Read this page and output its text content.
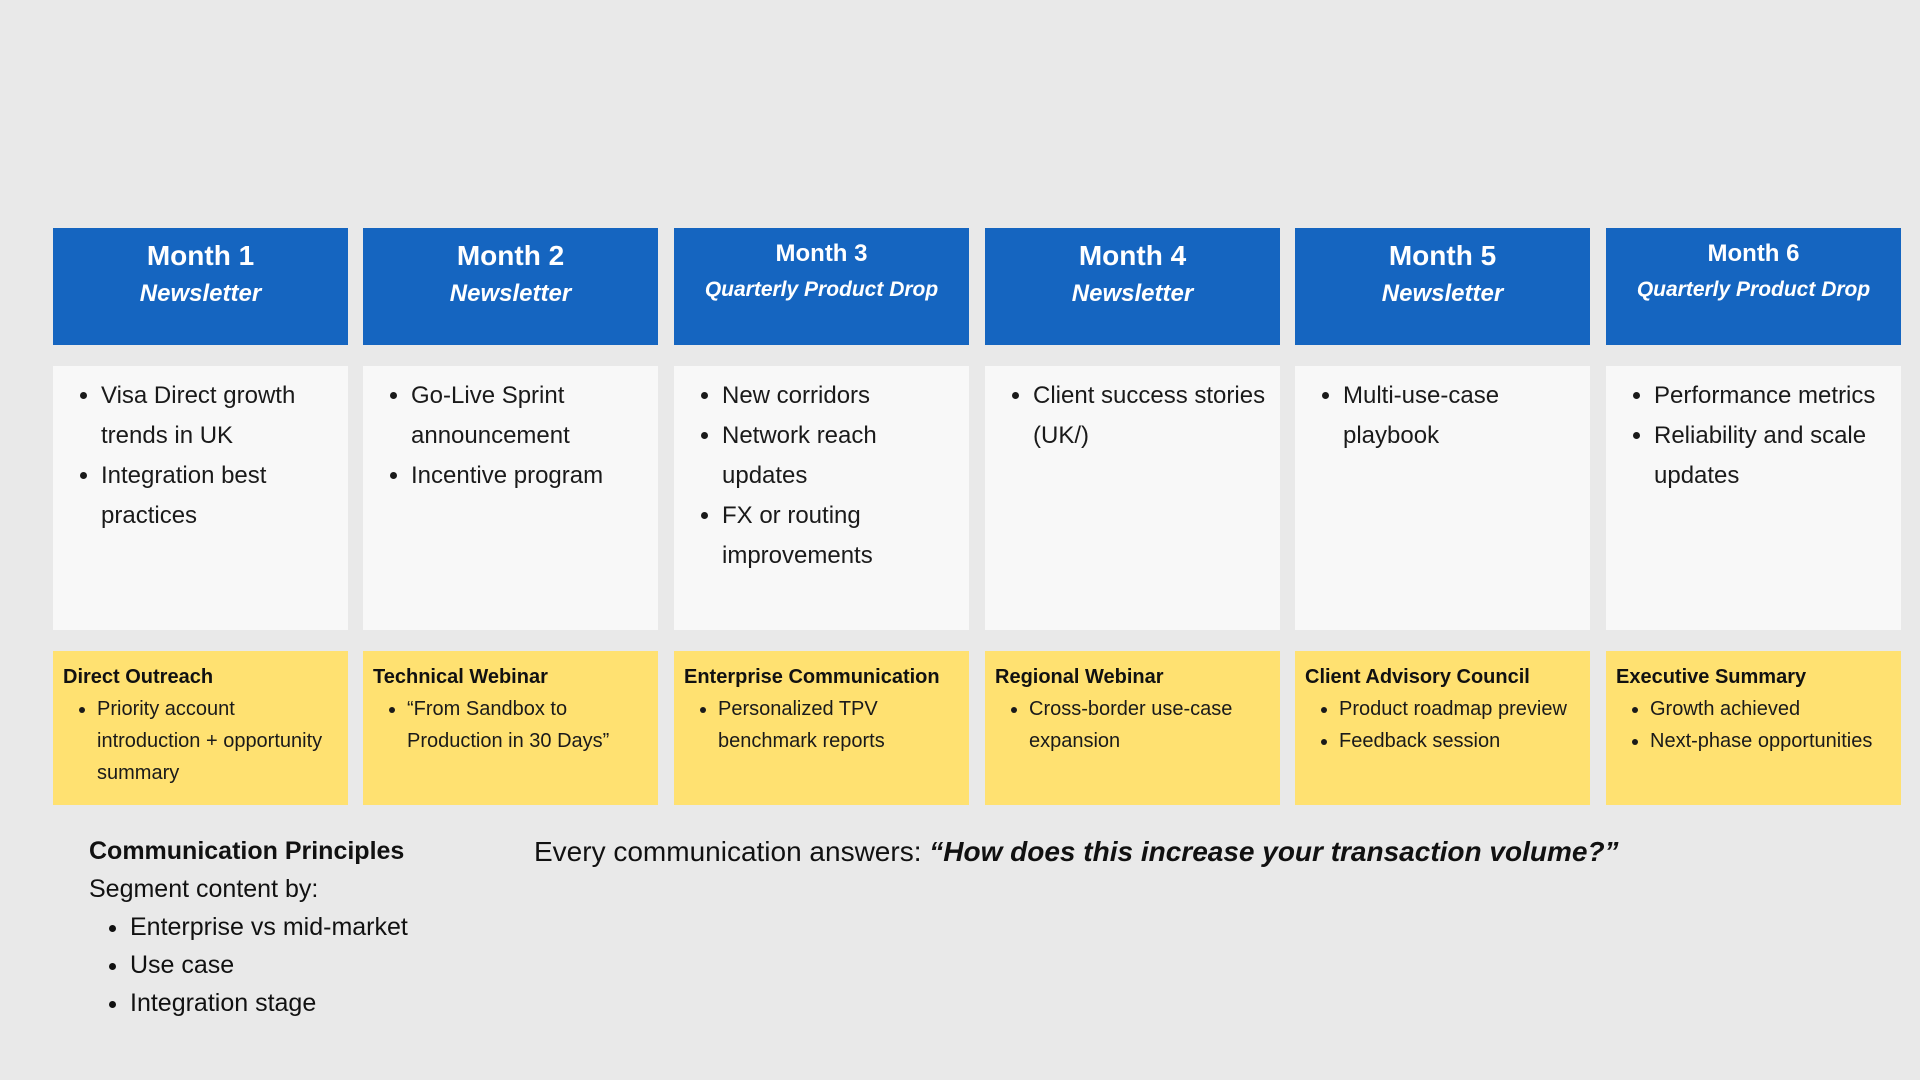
Month 1
Newsletter
• Visa Direct growth trends in UK
• Integration best practices
Direct Outreach
• Priority account introduction + opportunity summary
Month 2
Newsletter
• Go-Live Sprint announcement
• Incentive program
Technical Webinar
• “From Sandbox to Production in 30 Days”
Month 3
Quarterly Product Drop
• New corridors
• Network reach updates
• FX or routing improvements
Enterprise Communication
• Personalized TPV benchmark reports
Month 4
Newsletter
• Client success stories (UK/)
Regional Webinar
• Cross-border use-case expansion
Month 5
Newsletter
• Multi-use-case playbook
Client Advisory Council
• Product roadmap preview
• Feedback session
Month 6
Quarterly Product Drop
• Performance metrics
• Reliability and scale updates
Executive Summary
• Growth achieved
• Next-phase opportunities
Communication Principles
Segment content by:
• Enterprise vs mid-market
• Use case
• Integration stage
Every communication answers: “How does this increase your transaction volume?”
